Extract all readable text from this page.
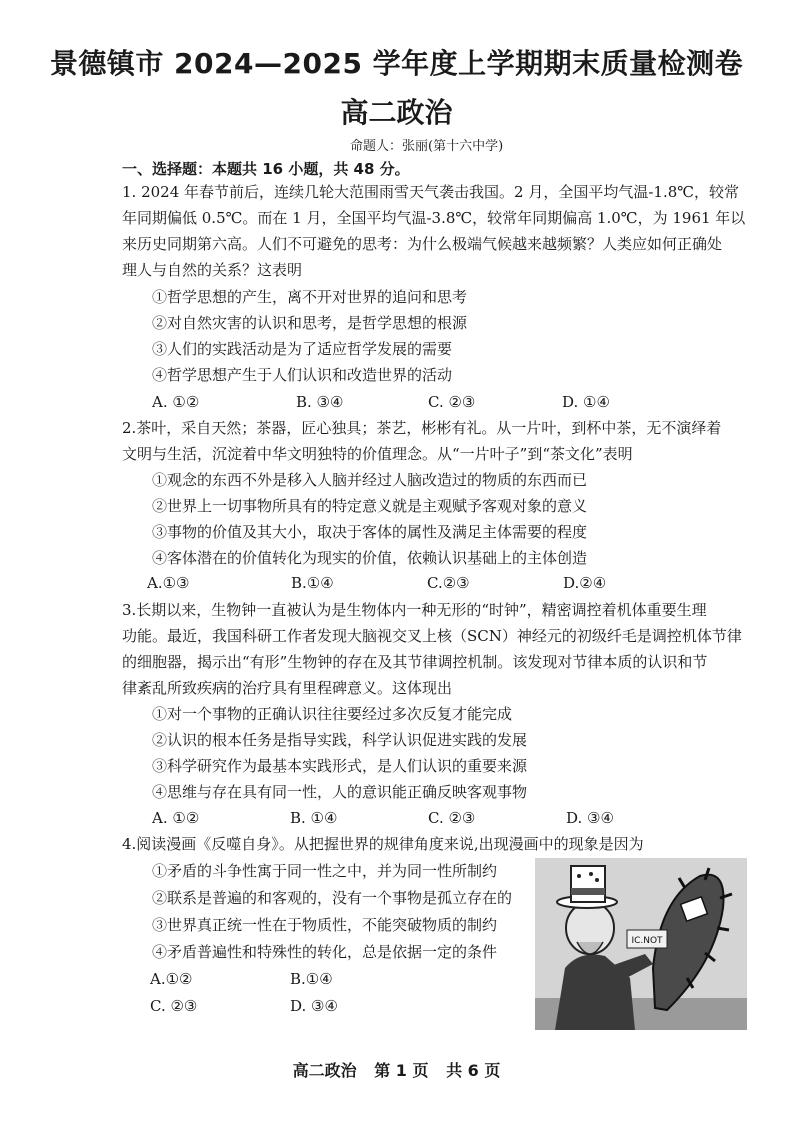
景德镇市 2024—2025 学年度上学期期末质量检测卷
高二政治
命题人：张丽(第十六中学)
一、选择题：本题共 16 小题，共 48 分。
1. 2024 年春节前后，连续几轮大范围雨雪天气袭击我国。2 月，全国平均气温-1.8℃，较常
年同期偏低 0.5℃。而在 1 月，全国平均气温-3.8℃，较常年同期偏高 1.0℃，为 1961 年以
来历史同期第六高。人们不可避免的思考：为什么极端气候越来越频繁？人类应如何正确处
理人与自然的关系？这表明
①哲学思想的产生，离不开对世界的追问和思考
②对自然灾害的认识和思考，是哲学思想的根源
③人们的实践活动是为了适应哲学发展的需要
④哲学思想产生于人们认识和改造世界的活动
A. ①②	B. ③④	C. ②③	D. ①④
2.茶叶，采自天然；茶器，匠心独具；茶艺，彬彬有礼。从一片叶，到杯中茶，无不演绎着
文明与生活，沉淀着中华文明独特的价值理念。从“一片叶子”到“茶文化”表明
①观念的东西不外是移入人脑并经过人脑改造过的物质的东西而已
②世界上一切事物所具有的特定意义就是主观赋予客观对象的意义
③事物的价值及其大小，取决于客体的属性及满足主体需要的程度
④客体潜在的价值转化为现实的价值，依赖认识基础上的主体创造
A.①③	B.①④	C.②③	D.②④
3.长期以来，生物钟一直被认为是生物体内一种无形的“时钟”，精密调控着机体重要生理
功能。最近，我国科研工作者发现大脑视交叉上核（SCN）神经元的初级纤毛是调控机体节律
的细胞器，揭示出“有形”生物钟的存在及其节律调控机制。该发现对节律本质的认识和节
律紊乱所致疾病的治疗具有里程碑意义。这体现出
①对一个事物的正确认识往往要经过多次反复才能完成
②认识的根本任务是指导实践，科学认识促进实践的发展
③科学研究作为最基本实践形式，是人们认识的重要来源
④思维与存在具有同一性，人的意识能正确反映客观事物
A. ①②	B. ①④	C. ②③	D. ③④
4.阅读漫画《反噬自身》。从把握世界的规律角度来说,出现漫画中的现象是因为
①矛盾的斗争性寓于同一性之中，并为同一性所制约
②联系是普遍的和客观的，没有一个事物是孤立存在的
③世界真正统一性在于物质性，不能突破物质的制约
④矛盾普遍性和特殊性的转化，总是依据一定的条件
A.①②	B.①④
C. ②③	D. ③④
IC.NOT
高二政治 第 1 页 共 6 页
